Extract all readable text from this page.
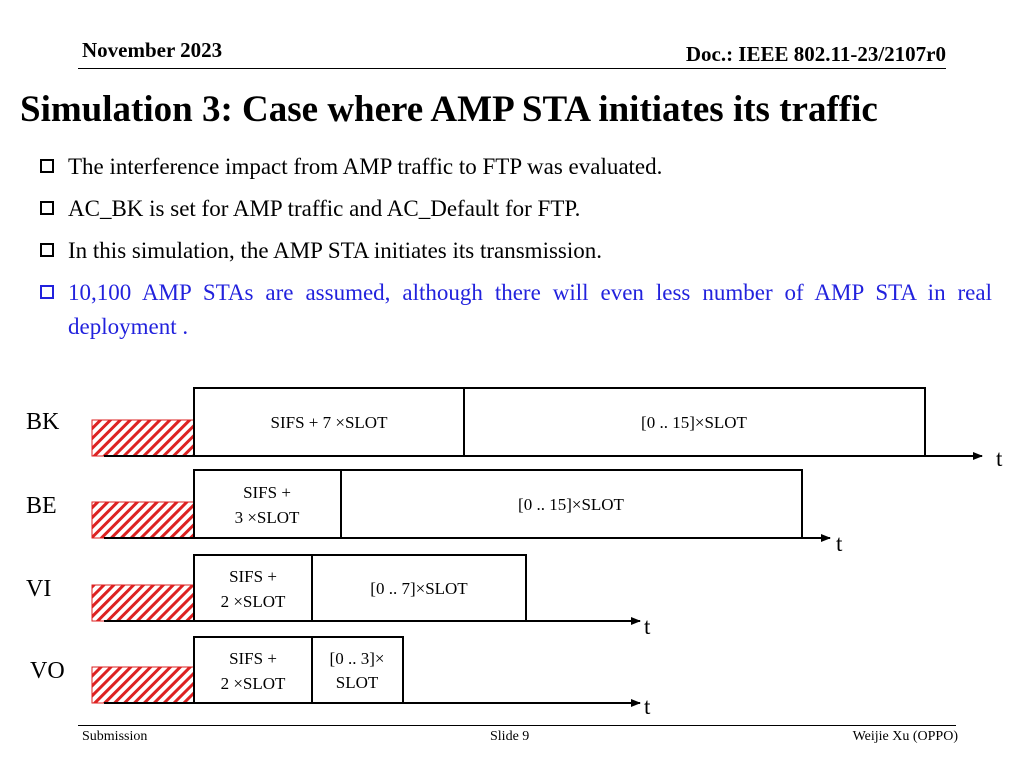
November 2023	Doc.: IEEE 802.11-23/2107r0
Simulation 3: Case where AMP STA initiates its traffic
The interference impact from AMP traffic to FTP was evaluated.
AC_BK is set for AMP traffic and AC_Default for FTP.
In this simulation, the AMP STA initiates its transmission.
10,100 AMP STAs are assumed, although there will even less number of AMP STA in real deployment .
BK	SIFS + 7 ×SLOT	[0 .. 15]×SLOT
t
BE
SIFS +
3 ×SLOT
[0 .. 15]×SLOT
t
VI	SIFS +
2 ×SLOT
[0 .. 7]×SLOT
t
VO	SIFS +
2 ×SLOT
[0 .. 3]×
SLOT
t
Submission	Slide 9	Weijie Xu (OPPO)
